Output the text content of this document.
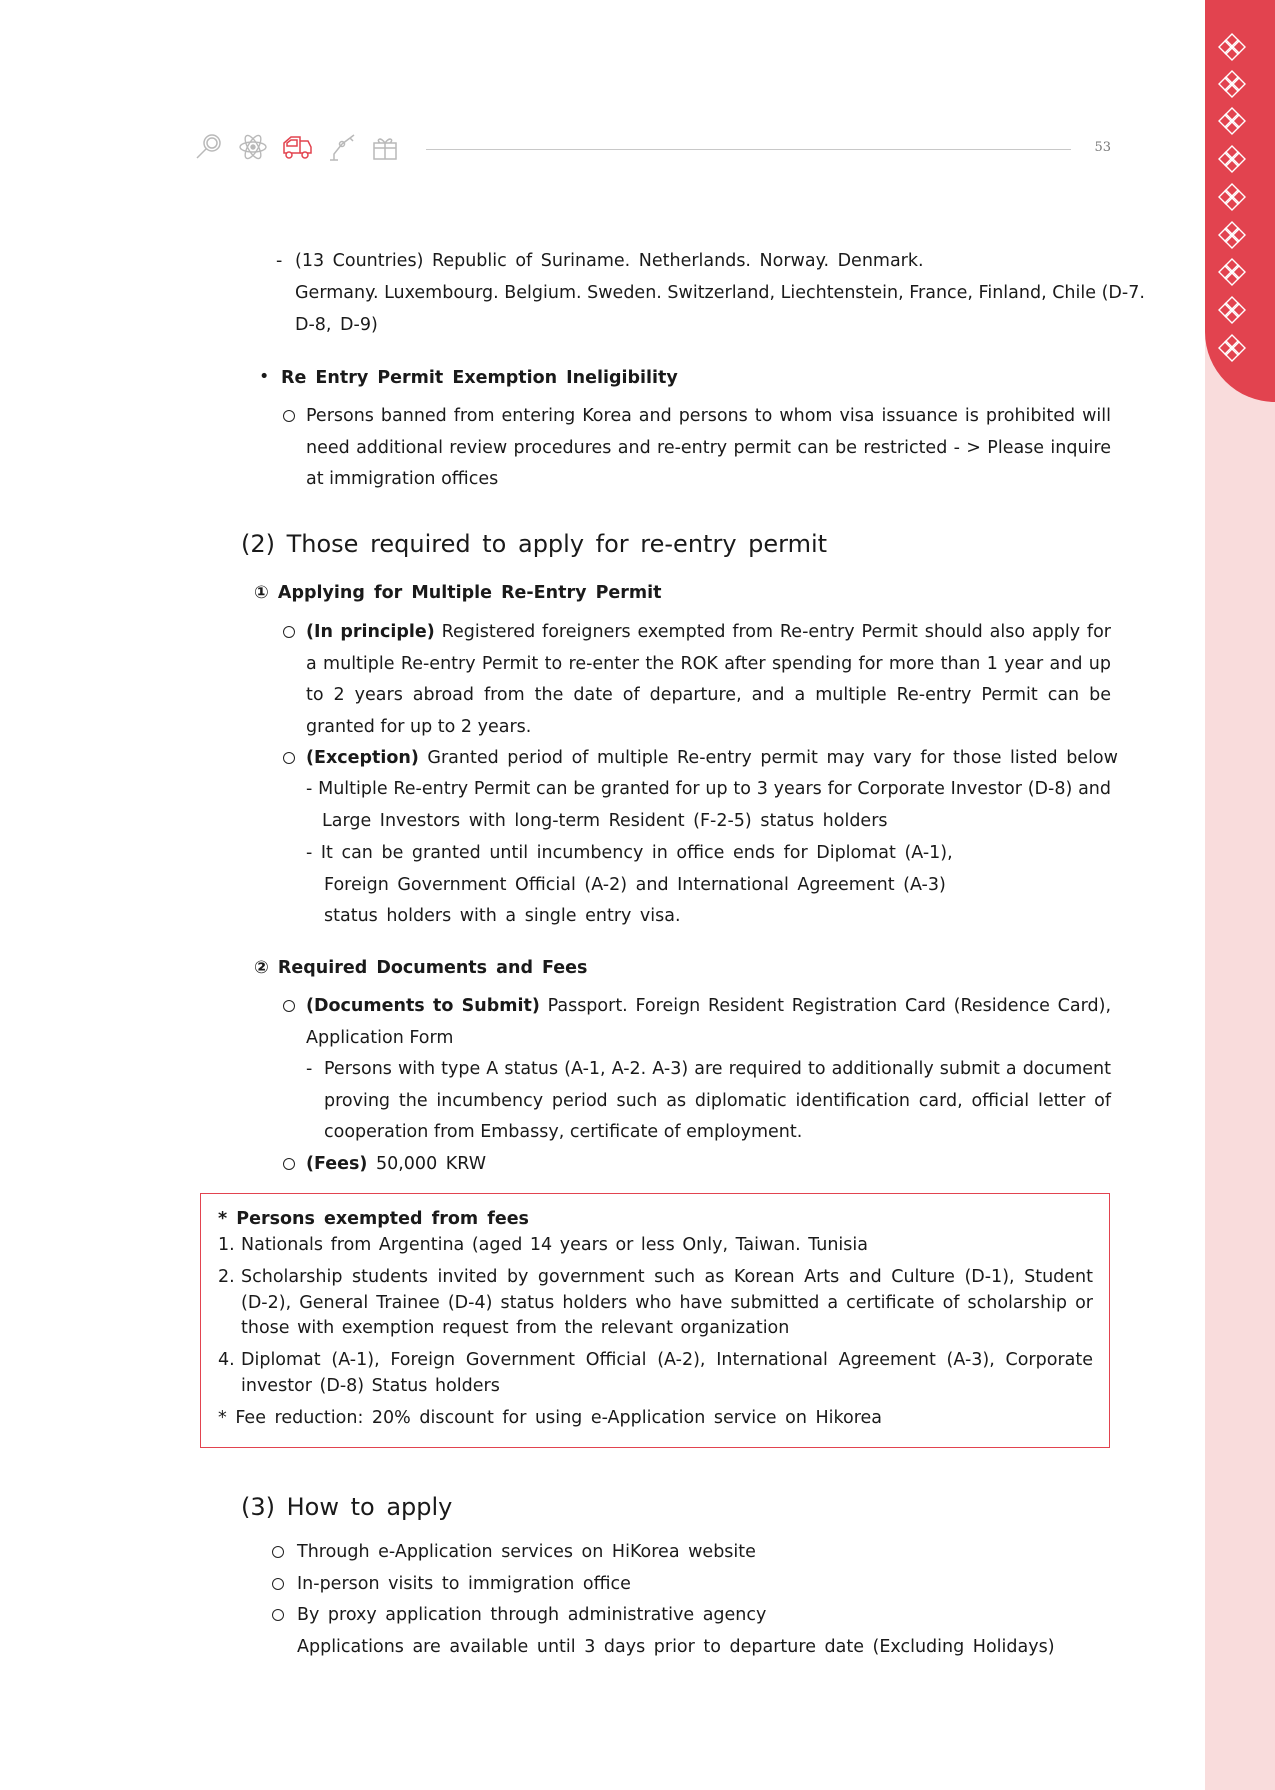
53
- (13 Countries) Republic of Suriname. Netherlands. Norway. Denmark.
Germany. Luxembourg. Belgium. Sweden. Switzerland, Liechtenstein, France, Finland, Chile (D-7.
D-8, D-9)
• Re Entry Permit Exemption Ineligibility
Persons banned from entering Korea and persons to whom visa issuance is prohibited will need additional review procedures and re-entry permit can be restricted - > Please inquire at immigration offices
(2) Those required to apply for re-entry permit
① Applying for Multiple Re-Entry Permit
(In principle) Registered foreigners exempted from Re-entry Permit should also apply for a multiple Re-entry Permit to re-enter the ROK after spending for more than 1 year and up to 2 years abroad from the date of departure, and a multiple Re-entry Permit can be granted for up to 2 years.
(Exception) Granted period of multiple Re-entry permit may vary for those listed below
- Multiple Re-entry Permit can be granted for up to 3 years for Corporate Investor (D-8) and
Large Investors with long-term Resident (F-2-5) status holders
- It can be granted until incumbency in office ends for Diplomat (A-1),
Foreign Government Official (A-2) and International Agreement (A-3)
status holders with a single entry visa.
② Required Documents and Fees
(Documents to Submit) Passport. Foreign Resident Registration Card (Residence Card), Application Form
- Persons with type A status (A-1, A-2. A-3) are required to additionally submit a document proving the incumbency period such as diplomatic identification card, official letter of cooperation from Embassy, certificate of employment.
(Fees) 50,000 KRW
* Persons exempted from fees
1. Nationals from Argentina (aged 14 years or less Only, Taiwan. Tunisia
2. Scholarship students invited by government such as Korean Arts and Culture (D-1), Student (D-2), General Trainee (D-4) status holders who have submitted a certificate of scholarship or those with exemption request from the relevant organization
4. Diplomat (A-1), Foreign Government Official (A-2), International Agreement (A-3), Corporate investor (D-8) Status holders
* Fee reduction: 20% discount for using e-Application service on Hikorea
(3) How to apply
Through e-Application services on HiKorea website
In-person visits to immigration office
By proxy application through administrative agency
Applications are available until 3 days prior to departure date (Excluding Holidays)
